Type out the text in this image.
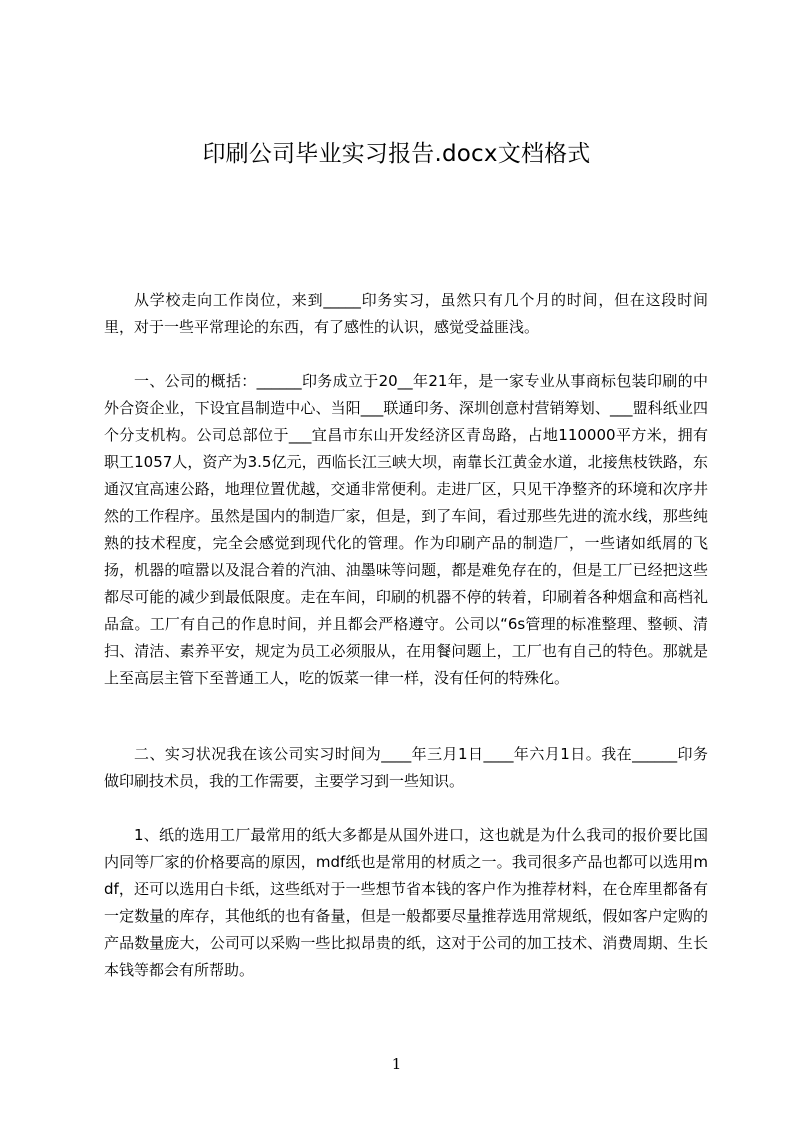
印刷公司毕业实习报告.docx文档格式
从学校走向工作岗位，来到_____印务实习，虽然只有几个月的时间，但在这段时间里，对于一些平常理论的东西，有了感性的认识，感觉受益匪浅。
一、公司的概括：______印务成立于20__年21年，是一家专业从事商标包装印刷的中外合资企业，下设宜昌制造中心、当阳___联通印务、深圳创意村营销筹划、___盟科纸业四个分支机构。公司总部位于___宜昌市东山开发经济区青岛路，占地110000平方米，拥有职工1057人，资产为3.5亿元，西临长江三峡大坝，南靠长江黄金水道，北接焦枝铁路，东通汉宜高速公路，地理位置优越，交通非常便利。走进厂区，只见干净整齐的环境和次序井然的工作程序。虽然是国内的制造厂家，但是，到了车间，看过那些先进的流水线，那些纯熟的技术程度，完全会感觉到现代化的管理。作为印刷产品的制造厂，一些诸如纸屑的飞扬，机器的喧嚣以及混合着的汽油、油墨味等问题，都是难免存在的，但是工厂已经把这些都尽可能的减少到最低限度。走在车间，印刷的机器不停的转着，印刷着各种烟盒和高档礼品盒。工厂有自己的作息时间，并且都会严格遵守。公司以“6s管理的标准整理、整顿、清扫、清洁、素养平安，规定为员工必须服从，在用餐问题上，工厂也有自己的特色。那就是上至高层主管下至普通工人，吃的饭菜一律一样，没有任何的特殊化。
二、实习状况我在该公司实习时间为____年三月1日____年六月1日。我在______印务做印刷技术员，我的工作需要，主要学习到一些知识。
1、纸的选用工厂最常用的纸大多都是从国外进口，这也就是为什么我司的报价要比国内同等厂家的价格要高的原因，mdf纸也是常用的材质之一。我司很多产品也都可以选用mdf，还可以选用白卡纸，这些纸对于一些想节省本钱的客户作为推荐材料，在仓库里都备有一定数量的库存，其他纸的也有备量，但是一般都要尽量推荐选用常规纸，假如客户定购的产品数量庞大，公司可以采购一些比拟昂贵的纸，这对于公司的加工技术、消费周期、生长本钱等都会有所帮助。
1
